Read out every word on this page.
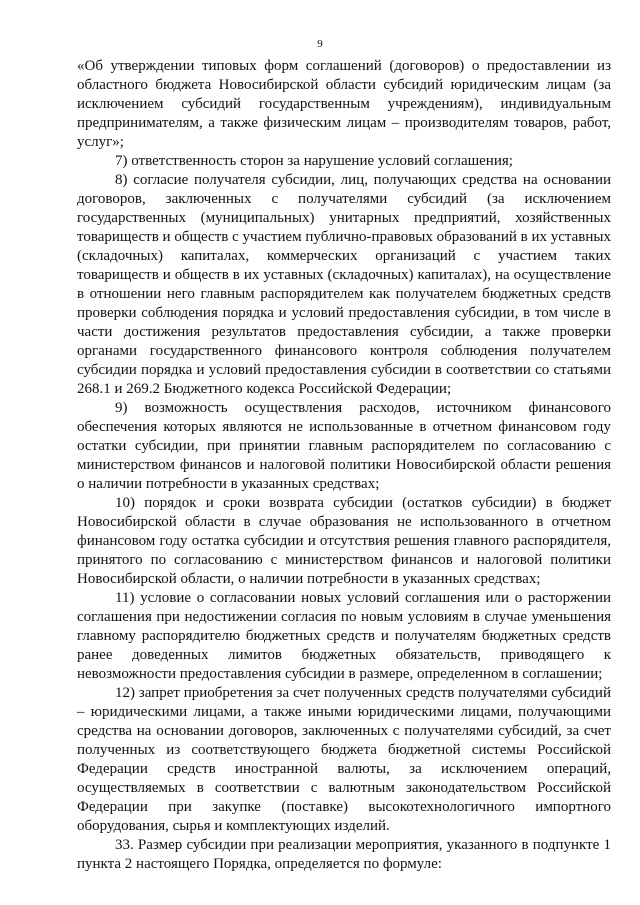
9

«Об утверждении типовых форм соглашений (договоров) о предоставлении из областного бюджета Новосибирской области субсидий юридическим лицам (за исключением субсидий государственным учреждениям), индивидуальным предпринимателям, а также физическим лицам – производителям товаров, работ, услуг»;

7) ответственность сторон за нарушение условий соглашения;

8) согласие получателя субсидии, лиц, получающих средства на основании договоров, заключенных с получателями субсидий (за исключением государственных (муниципальных) унитарных предприятий, хозяйственных товариществ и обществ с участием публично-правовых образований в их уставных (складочных) капиталах, коммерческих организаций с участием таких товариществ и обществ в их уставных (складочных) капиталах), на осуществление в отношении него главным распорядителем как получателем бюджетных средств проверки соблюдения порядка и условий предоставления субсидии, в том числе в части достижения результатов предоставления субсидии, а также проверки органами государственного финансового контроля соблюдения получателем субсидии порядка и условий предоставления субсидии в соответствии со статьями 268.1 и 269.2 Бюджетного кодекса Российской Федерации;

9) возможность осуществления расходов, источником финансового обеспечения которых являются не использованные в отчетном финансовом году остатки субсидии, при принятии главным распорядителем по согласованию с министерством финансов и налоговой политики Новосибирской области решения о наличии потребности в указанных средствах;

10) порядок и сроки возврата субсидии (остатков субсидии) в бюджет Новосибирской области в случае образования не использованного в отчетном финансовом году остатка субсидии и отсутствия решения главного распорядителя, принятого по согласованию с министерством финансов и налоговой политики Новосибирской области, о наличии потребности в указанных средствах;

11) условие о согласовании новых условий соглашения или о расторжении соглашения при недостижении согласия по новым условиям в случае уменьшения главному распорядителю бюджетных средств и получателям бюджетных средств ранее доведенных лимитов бюджетных обязательств, приводящего к невозможности предоставления субсидии в размере, определенном в соглашении;

12) запрет приобретения за счет полученных средств получателями субсидий – юридическими лицами, а также иными юридическими лицами, получающими средства на основании договоров, заключенных с получателями субсидий, за счет полученных из соответствующего бюджета бюджетной системы Российской Федерации средств иностранной валюты, за исключением операций, осуществляемых в соответствии с валютным законодательством Российской Федерации при закупке (поставке) высокотехнологичного импортного оборудования, сырья и комплектующих изделий.

33. Размер субсидии при реализации мероприятия, указанного в подпункте 1 пункта 2 настоящего Порядка, определяется по формуле:
